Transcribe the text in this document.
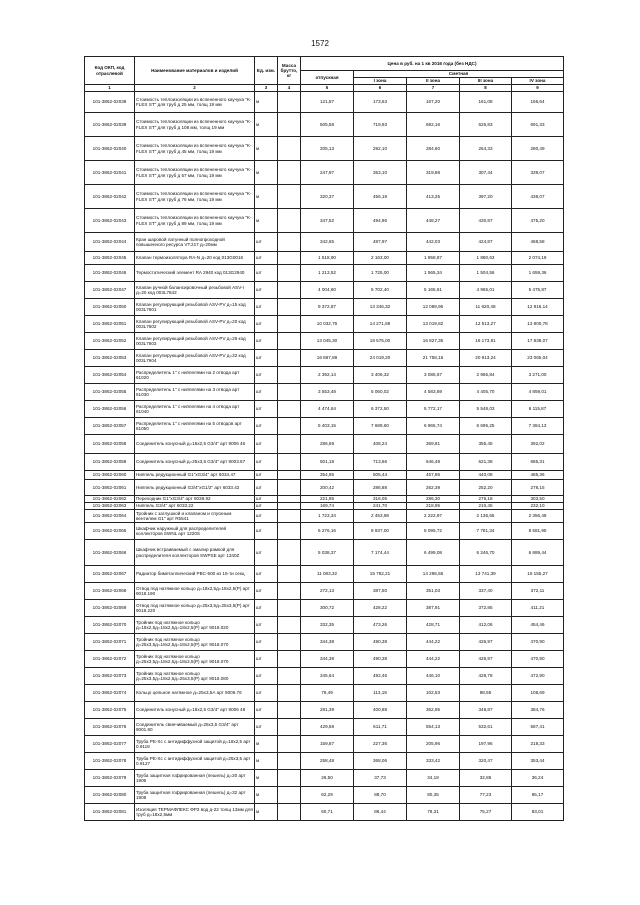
1572
Код ОКП, код отраслевой	Наименование материалов и изделий	Ед. изм.	Масса брутто, кг	Цена в руб. на 1 кв 2016 года (без НДС)				
				отпускная	Сметная			
					I зона	II зона	III зона	IV зона
1	2	3	4	5	6	7	8	9
101-3862-02038	Стоимость теплоизоляции из вспененного каучука "K-FLEX ST" для труб д 25 мм, толщ 19 мм	м		121,87	173,63	167,20	161,08	166,64
101-3862-02039	Стоимость теплоизоляции из вспененного каучука "K-FLEX ST" для труб д 108 мм, толщ 19 мм	м		505,58	719,93	692,16	626,83	691,33
101-3862-02040	Стоимость теплоизоляции из вспененного каучука "K-FLEX ST" для труб д 45 мм, толщ 19 мм	м		205,13	292,10	284,60	254,33	280,49
101-3862-02041	Стоимость теплоизоляции из вспененного каучука "K-FLEX ST" для труб д 57 мм, толщ 19 мм	м		247,97	353,10	319,88	307,44	339,07
101-3862-02042	Стоимость теплоизоляции из вспененного каучука "K-FLEX ST" для труб д 76 мм, толщ 19 мм	м		320,37	456,19	413,25	397,20	438,07
101-3862-02043	Стоимость теплоизоляции из вспененного каучука "K-FLEX ST" для труб д 89 мм, толщ 19 мм	м		347,52	494,86	448,27	430,87	475,20
101-3862-02044	Кран шаровой латунный полнопроходной повышенного ресурса VT.217 д=20мм	шт		342,65	487,97	442,03	424,87	468,58
101-3862-02045	Клапан термоизолятора RA-N д=20 код 013G0016	шт		1 518,90	2 163,00	1 958,87	1 880,63	2 074,19
101-3862-02046	Термостатический элемент RA 2940 код 013G2940	шт		1 213,52	1 725,00	1 565,34	1 504,56	1 659,36
101-3862-02047	Клапан ручной балансировочный резьбовой ASV-I д=20 код 003L7642	шт		4 004,60	5 702,40	5 165,61	4 965,01	5 475,87
101-3862-02050	Клапан регулирующий резьбовой ASV-PV д=15 код 003L7601	шт		9 372,87	13 346,32	12 089,96	11 620,48	12 816,14
101-3862-02051	Клапан регулирующий резьбовой ASV-PV д=20 код 003L7602	шт		10 032,76	14 271,69	13 019,82	12 513,27	13 800,78
101-3862-02052	Клапан регулирующий резьбовой ASV-PV д=25 код 003L7603	шт		13 045,30	18 575,00	16 827,35	16 173,91	17 838,07
101-3862-02053	Клапан регулирующий резьбовой ASV-PV д=32 код 003L7604	шт		16 867,88	24 019,20	21 758,16	20 913,24	23 065,04
101-3862-02054	Распределитель 1" с ниппелями на 2 отвода арт 61020	шт		2 392,14	3 406,32	3 085,67	2 965,84	3 271,00
101-3862-02055	Распределитель 1" с ниппелями на 3 отвода арт 61030	шт		3 553,48	5 060,02	4 583,69	4 405,70	4 859,01
101-3862-02056	Распределитель 1" с ниппелями на 4 отвода арт 61040	шт		4 474,64	6 372,50	5 772,17	5 548,03	6 115,87
101-3862-02057	Распределитель 1" с ниппелями на 5 отводов арт 61050	шт		5 403,15	7 689,60	6 965,74	6 695,25	7 384,13
101-3862-02058	Соединитель конусный д=16х2,5 G3/4" арт 9006 46	шт		286,69	408,24	369,81	355,45	392,02
101-3862-02059	Соединитель конусный д=25х3,5 G3/4" арт 9003.67	шт		501,18	713,66	646,48	621,38	685,31
101-3862-02060	Ниппель редукционный G1"хG3/4" арт 6034.47	шт		354,95	505,44	457,86	440,08	485,36
101-3862-02061	Ниппель редукционный G3/4"хG1/2" арт 6033.42	шт		200,42	286,88	262,39	252,20	278,15
101-3862-02062	Переходник G1"хG3/4" арт 6038.92	шт		221,95	316,05	286,30	275,18	303,50
101-3862-02063	Ниппель G3/4" арт 6033.22	шт		169,74	241,70	218,95	210,45	232,10
101-3862-02064	Тройник с заглушкой и клапаном и спускным вентилем G1" арт R5541	шт		1 723,34	2 453,98	2 222,97	2 136,65	2 356,49
101-3862-02065	Шкафчик наружный для распределителей коллекторов SWNL арт 1220S	шт		6 276,16	8 937,00	8 095,72	7 781,34	8 581,95
101-3862-02066	Шкафчик встраиваемый с эмалир рамкой для распределителя коллекторов SWPSE арт 1340Z	шт		5 038,37	7 174,44	6 499,08	6 246,70	6 889,44
101-3862-02067	Радиатор биметаллический PBC-500 из 15-ти секц	шт		11 083,32	15 782,21	14 296,56	13 741,39	15 155,27
101-3862-02068	Отвод под натяжное кольцо д=18х2,5д=18х2,5(Р) арт 9018.190	шт		272,13	387,50	351,03	337,40	372,11
101-3862-02069	Отвод под натяжное кольцо д=25х3,5д=25х3,5(Р) арт 9018.220	шт		300,72	428,22	387,91	372,85	411,21
101-3862-02070	Тройник под натяжное кольцо д=18х2,5д=18х2,5д=18х2,5(Р) арт 9018.020	шт		332,35	473,26	428,71	412,06	454,46
101-3862-02071	Тройник под натяжное кольцо д=25х3,5д=18х2,5д=18х2,5(Р) арт 9018.070	шт		344,38	490,38	444,22	426,97	470,90
101-3862-02072	Тройник под натяжное кольцо д=25х3,5д=18х2,5д=18х2,5(Р) арт 9018.070	шт		344,38	490,38	444,22	426,97	470,90
101-3862-02073	Тройник под натяжное кольцо д=25х3,5д=18х2,5д=25х3,5(Р) арт 9018.080	шт		345,64	492,46	446,10	428,78	472,90
101-3862-02074	Кольцо цельное натяжное д=25х3,5А арт 9006.76	шт		79,49	113,19	102,53	98,55	108,69
101-3862-02075	Соединитель конусный д=18х2,5 G3/4" арт 9006 48	шт		281,39	400,88	362,95	348,87	384,76
101-3862-02076	Соединитель свинчиваемый д=25х3,5 G3/4" арт 9001.60	шт		429,58	611,71	554,13	532,61	587,41
101-3862-02077	Труба PE-Xc с антидиффузной защитой д=18х2,5 арт 0.9119	м		159,87	227,36	205,96	197,96	218,33
101-3862-02078	Труба PE-Xc с антидиффузной защитой д=25х3,5 арт 0.9127	м		258,48	368,06	333,42	320,47	353,44
101-3862-02079	Труба защитная гофрированная (пешель) д=20 арт 1906	м		26,50	37,73	34,18	32,86	36,24
101-3862-02080	Труба защитная гофрированная (пешель) д=32 арт 1908	м		62,29	88,70	80,35	77,23	85,17
101-3862-02081	Изоляция ТЕРМАФЛЕКС ФРЗ вод д-22 толщ 13мм для труб д=18х2,5мм	м		60,71	86,44	78,31	75,27	83,01
